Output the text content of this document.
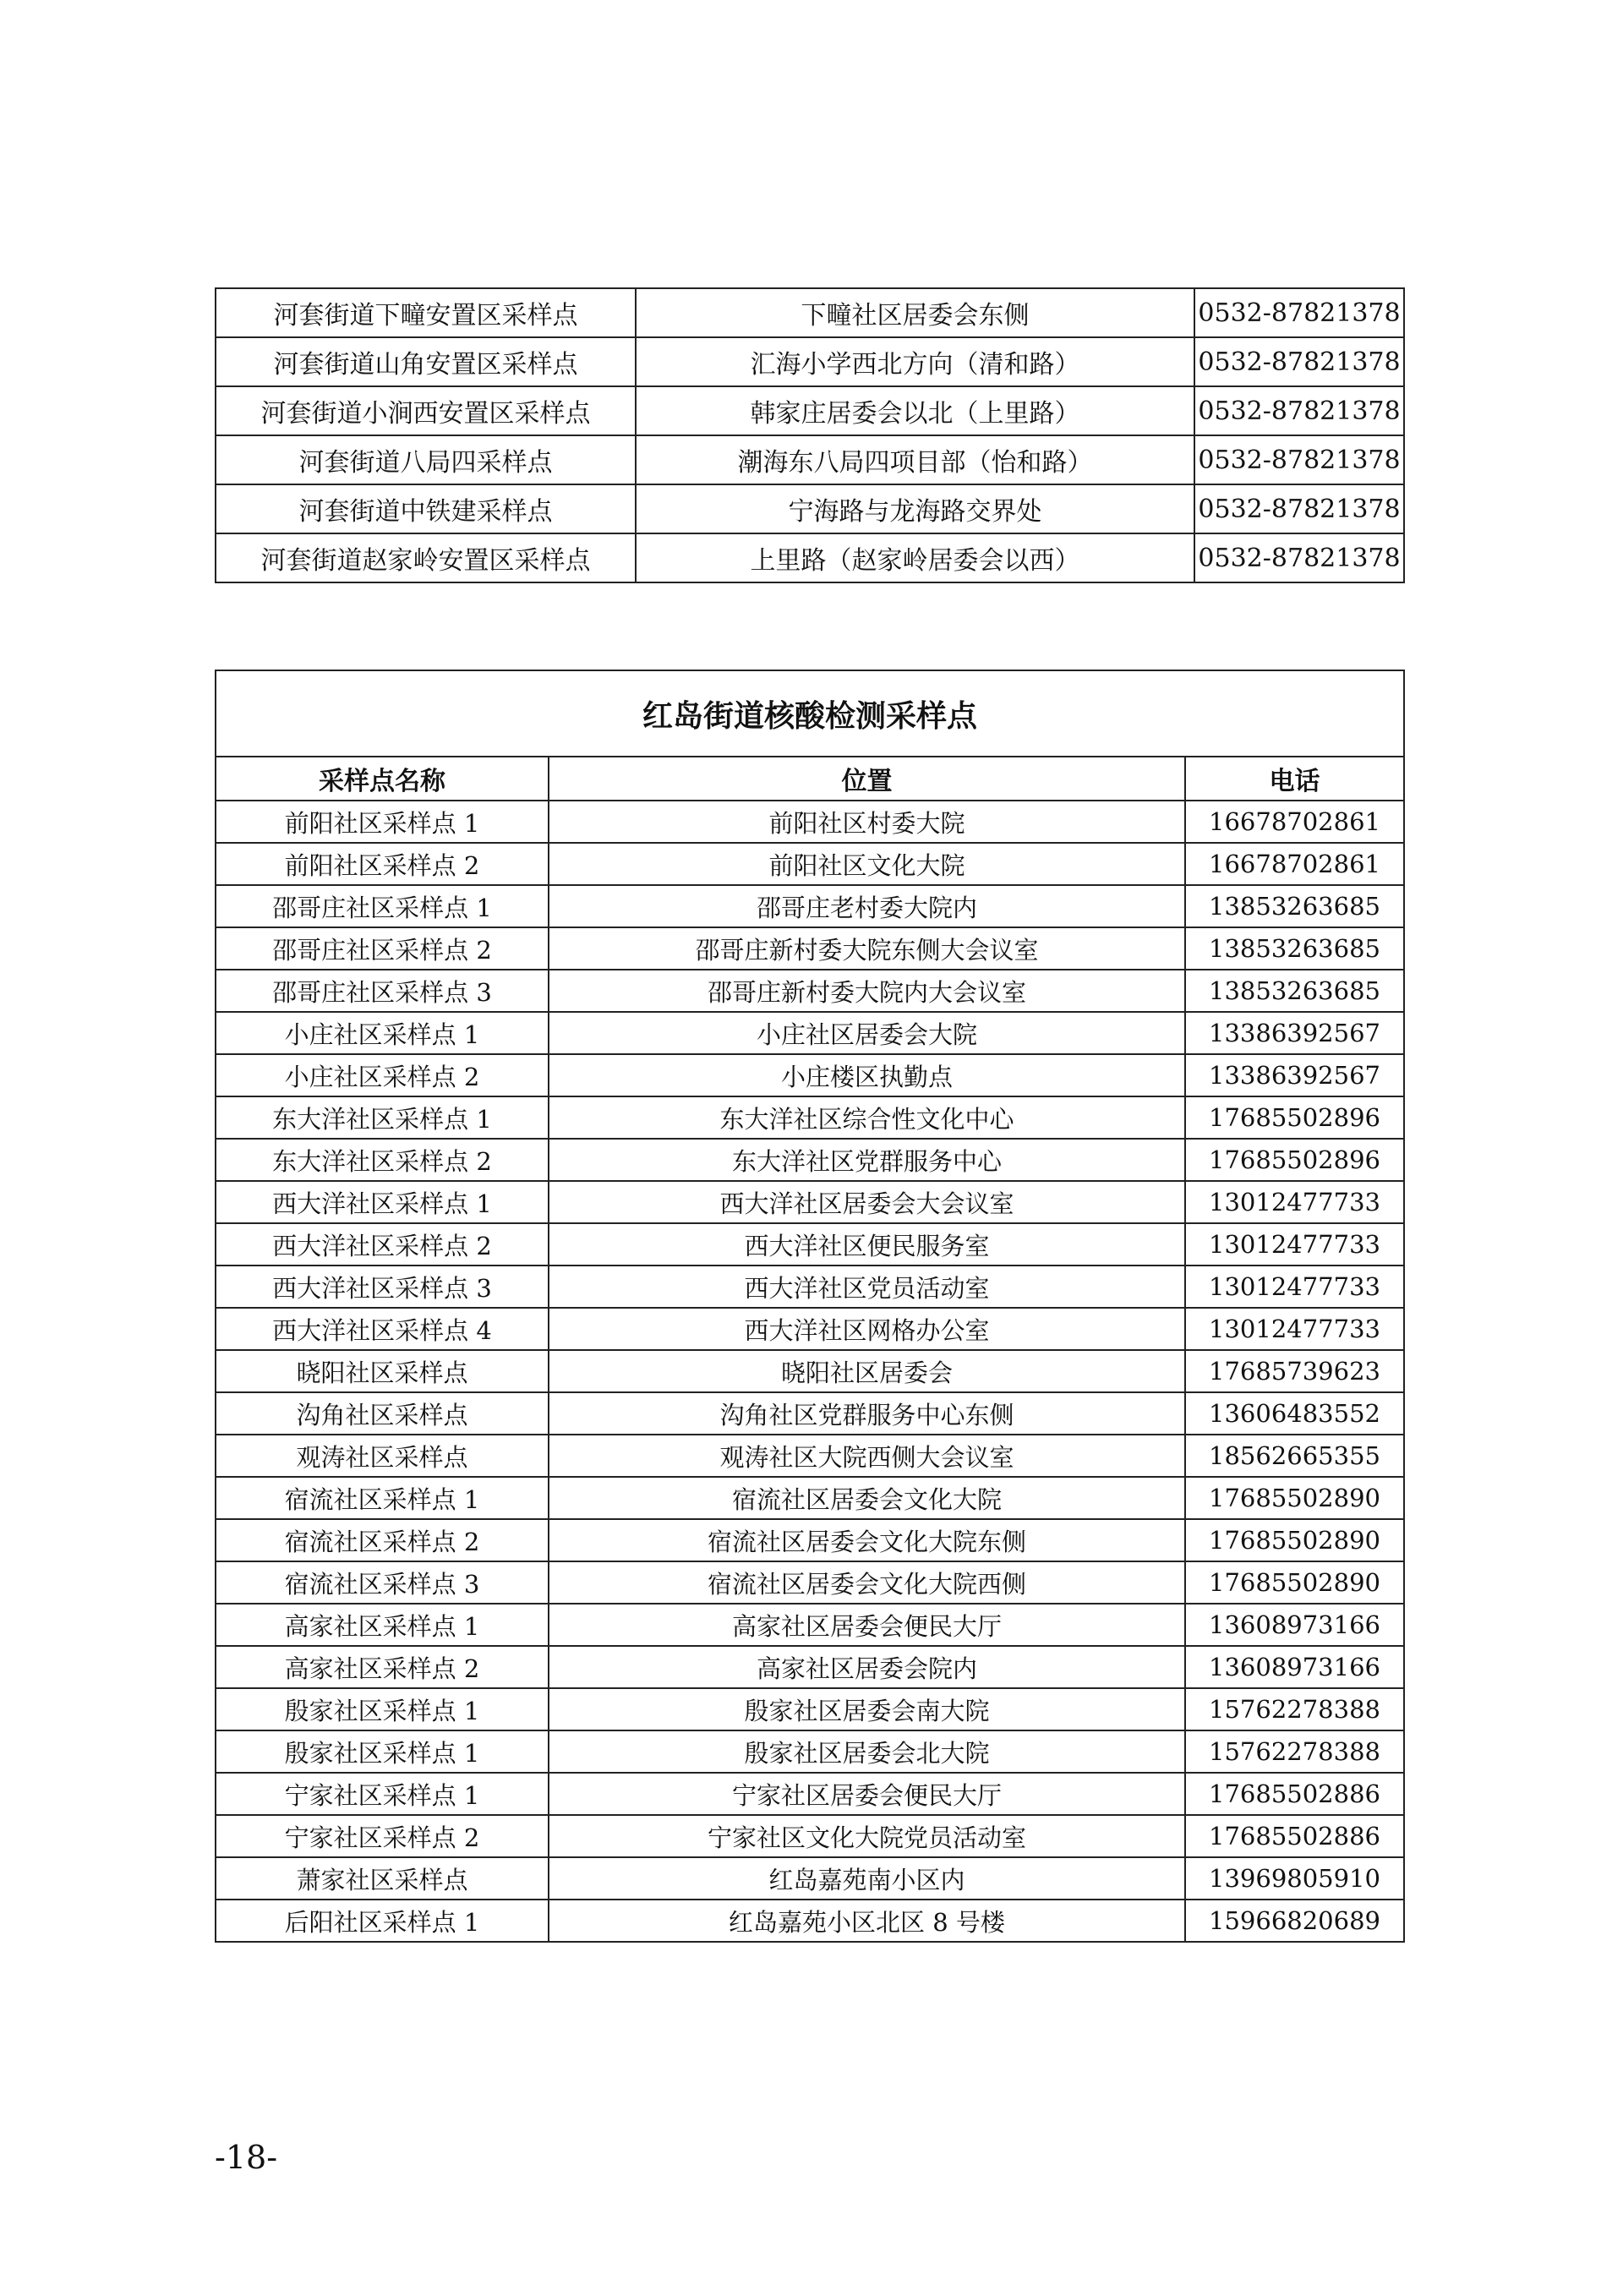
河套街道下疃安置区采样点	下疃社区居委会东侧	0532-87821378
河套街道山角安置区采样点	汇海小学西北方向（清和路）	0532-87821378
河套街道小涧西安置区采样点	韩家庄居委会以北（上里路）	0532-87821378
河套街道八局四采样点	潮海东八局四项目部（怡和路）	0532-87821378
河套街道中铁建采样点	宁海路与龙海路交界处	0532-87821378
河套街道赵家岭安置区采样点	上里路（赵家岭居委会以西）	0532-87821378
红岛街道核酸检测采样点		
采样点名称	位置	电话
前阳社区采样点 1	前阳社区村委大院	16678702861
前阳社区采样点 2	前阳社区文化大院	16678702861
邵哥庄社区采样点 1	邵哥庄老村委大院内	13853263685
邵哥庄社区采样点 2	邵哥庄新村委大院东侧大会议室	13853263685
邵哥庄社区采样点 3	邵哥庄新村委大院内大会议室	13853263685
小庄社区采样点 1	小庄社区居委会大院	13386392567
小庄社区采样点 2	小庄楼区执勤点	13386392567
东大洋社区采样点 1	东大洋社区综合性文化中心	17685502896
东大洋社区采样点 2	东大洋社区党群服务中心	17685502896
西大洋社区采样点 1	西大洋社区居委会大会议室	13012477733
西大洋社区采样点 2	西大洋社区便民服务室	13012477733
西大洋社区采样点 3	西大洋社区党员活动室	13012477733
西大洋社区采样点 4	西大洋社区网格办公室	13012477733
晓阳社区采样点	晓阳社区居委会	17685739623
沟角社区采样点	沟角社区党群服务中心东侧	13606483552
观涛社区采样点	观涛社区大院西侧大会议室	18562665355
宿流社区采样点 1	宿流社区居委会文化大院	17685502890
宿流社区采样点 2	宿流社区居委会文化大院东侧	17685502890
宿流社区采样点 3	宿流社区居委会文化大院西侧	17685502890
高家社区采样点 1	高家社区居委会便民大厅	13608973166
高家社区采样点 2	高家社区居委会院内	13608973166
殷家社区采样点 1	殷家社区居委会南大院	15762278388
殷家社区采样点 1	殷家社区居委会北大院	15762278388
宁家社区采样点 1	宁家社区居委会便民大厅	17685502886
宁家社区采样点 2	宁家社区文化大院党员活动室	17685502886
萧家社区采样点	红岛嘉苑南小区内	13969805910
后阳社区采样点 1	红岛嘉苑小区北区 8 号楼	15966820689
-18-
